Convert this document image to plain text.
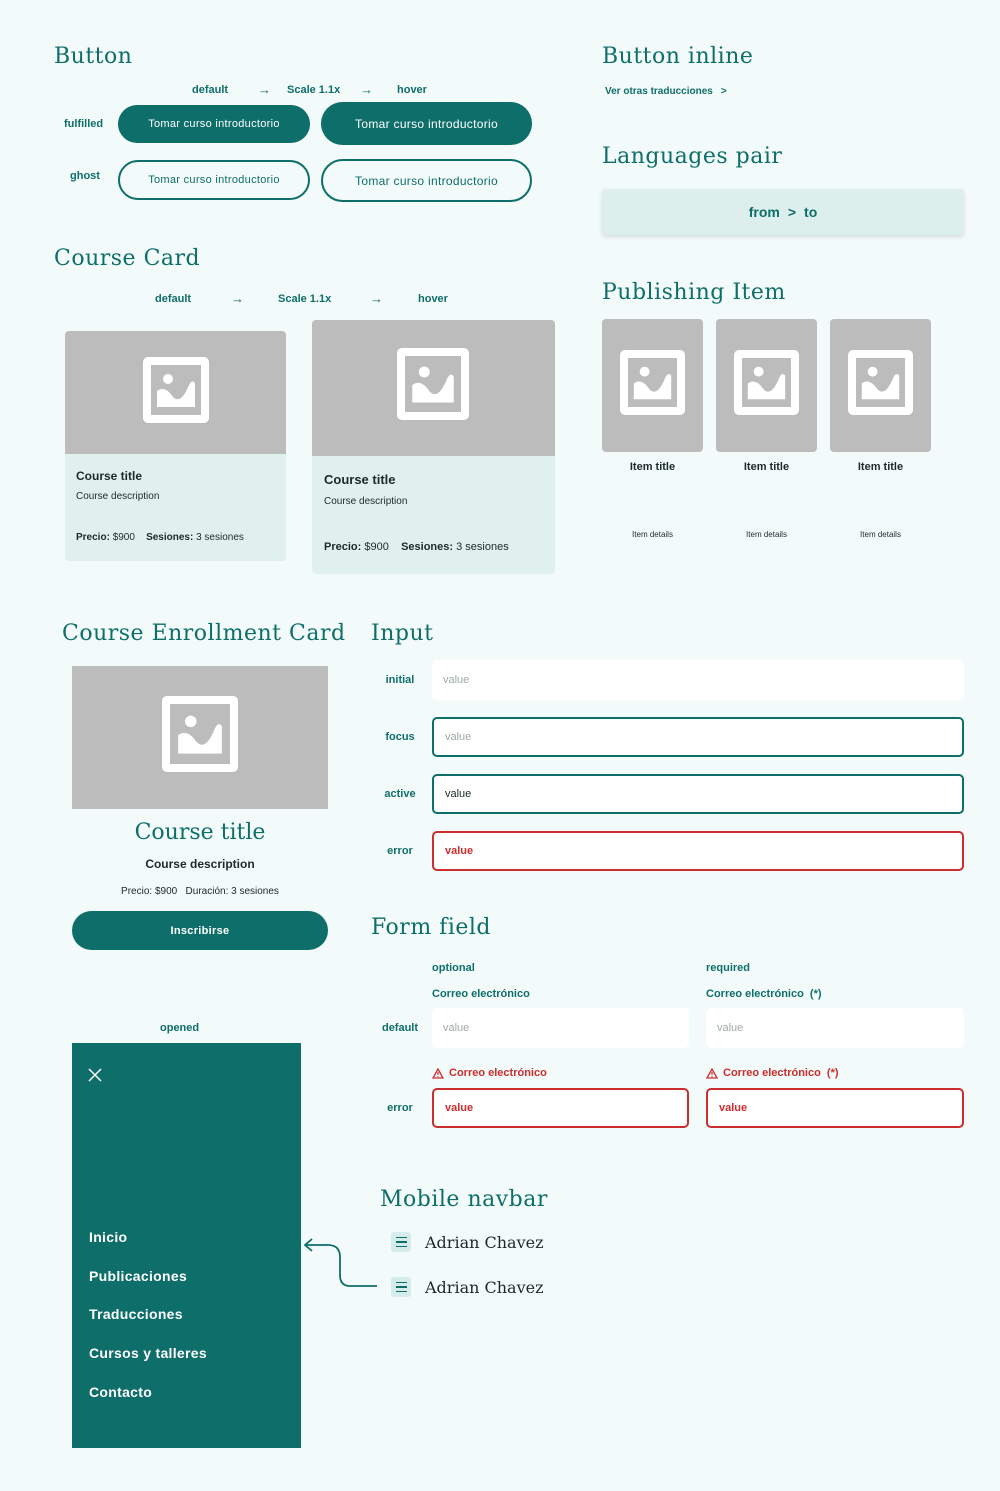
Button
default → Scale 1.1x → hover
fulfilled	Tomar curso introductorio	Tomar curso introductorio
ghost	Tomar curso introductorio	Tomar curso introductorio
Button inline
Ver otras traducciones >
Languages pair
from > to
Course Card
default	→	Scale 1.1x	→	hover
Course title
Course description
Precio: $900 Sesiones: 3 sesiones
Course title
Course description
Precio: $900 Sesiones: 3 sesiones
Publishing Item
Item title
Item details
Item title
Item details
Item title
Item details
Course Enrollment Card
Course title
Course description
Precio: $900 Duración: 3 sesiones
Inscribirse
Input
initial	value
focus	value
active	value
error	value
Form field
optional	required
Correo electrónico	Correo electrónico  (*)
default	value	value
Correo electrónico	Correo electrónico  (*)
error	value	value
opened
Inicio
Publicaciones
Traducciones
Cursos y talleres
Contacto
Mobile navbar
Adrian Chavez
Adrian Chavez
